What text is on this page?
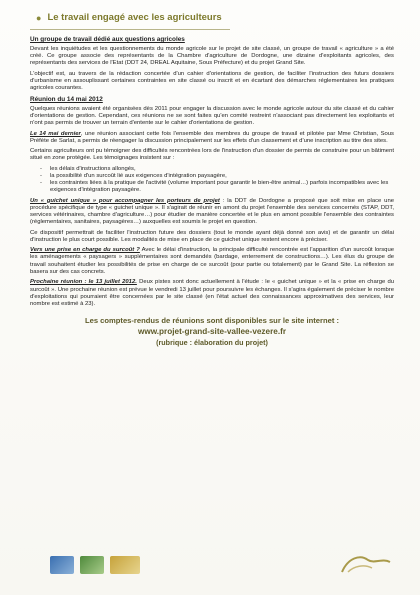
● Le travail engagé avec les agriculteurs
Un groupe de travail dédié aux questions agricoles

Devant les inquiétudes et les questionnements du monde agricole sur le projet de site classé, un groupe de travail « agriculture » a été créé. Ce groupe associe des représentants de la Chambre d'agriculture de Dordogne, une dizaine d'exploitants agricoles, des représentants des services de l'Etat (DDT 24, DREAL Aquitaine, Sous Préfecture) et du projet Grand Site.

L'objectif est, au travers de la rédaction concertée d'un cahier d'orientations de gestion, de faciliter l'instruction des futurs dossiers d'urbanisme en assouplissant certaines contraintes en site classé ou inscrit et en écartant des démarches réglementaires les pratiques agricoles courantes.

Réunion du 14 mai 2012

Quelques réunions avaient été organisées dès 2011 pour engager la discussion avec le monde agricole autour du site classé et du cahier d'orientations de gestion. Cependant, ces réunions ne se sont faites qu'en comité restreint n'associant pas directement les exploitants et n'ont pas permis de trouver un terrain d'entente sur le cahier d'orientations de gestion.

Le 14 mai dernier, une réunion associant cette fois l'ensemble des membres du groupe de travail et pilotée par Mme Christian, Sous Préfète de Sarlat, a permis de réengager la discussion principalement sur les effets d'un classement et d'une inscription au titre des sites.

Certains agriculteurs ont pu témoigner des difficultés rencontrées lors de l'instruction d'un dossier de permis de construire pour un bâtiment situé en zone protégée. Les témoignages insistent sur :

- les délais d'instructions allongés,
- la possibilité d'un surcoût lié aux exigences d'intégration paysagère,
- les contraintes liées à la pratique de l'activité (volume important pour garantir le bien-être animal…) parfois incompatibles avec les exigences d'intégration paysagère.

Un « guichet unique » pour accompagner les porteurs de projet : la DDT de Dordogne a proposé que soit mise en place une procédure spécifique de type « guichet unique ». Il s'agirait de réunir en amont du projet l'ensemble des services concernés (STAP, DDT, services vétérinaires, chambre d'agriculture…) pour étudier de manière concertée et le plus en amont possible l'ensemble des contraintes (réglementaires, sanitaires, paysagères…) auxquelles est soumis le projet en question.

Ce dispositif permettrait de faciliter l'instruction future des dossiers (tout le monde ayant déjà donné son avis) et de garantir un délai d'instruction le plus court possible. Les modalités de mise en place de ce guichet unique restent encore à préciser.

Vers une prise en charge du surcoût ? Avec le délai d'instruction, la principale difficulté rencontrée est l'apparition d'un surcoût lorsque les aménagements « paysagers » supplémentaires sont demandés (bardage, enterrement de constructions…). Les élus du groupe de travail souhaitent étudier les possibilités de prise en charge de ce surcoût (pour partie ou totalement) par le Grand Site. La réflexion se basera sur des cas concrets.

Prochaine réunion : le 13 juillet 2012. Deux pistes sont donc actuellement à l'étude : le « guichet unique » et la « prise en charge du surcoût ». Une prochaine réunion est prévue le vendredi 13 juillet pour poursuivre les échanges. Il s'agira également de préciser le nombre d'exploitations qui pourraient être concernées par le site classé (en l'état actuel des connaissances approximatives des services, leur nombre est estimé à 23).

Les comptes-rendus de réunions sont disponibles sur le site internet :
www.projet-grand-site-vallee-vezere.fr
(rubrique : élaboration du projet)
